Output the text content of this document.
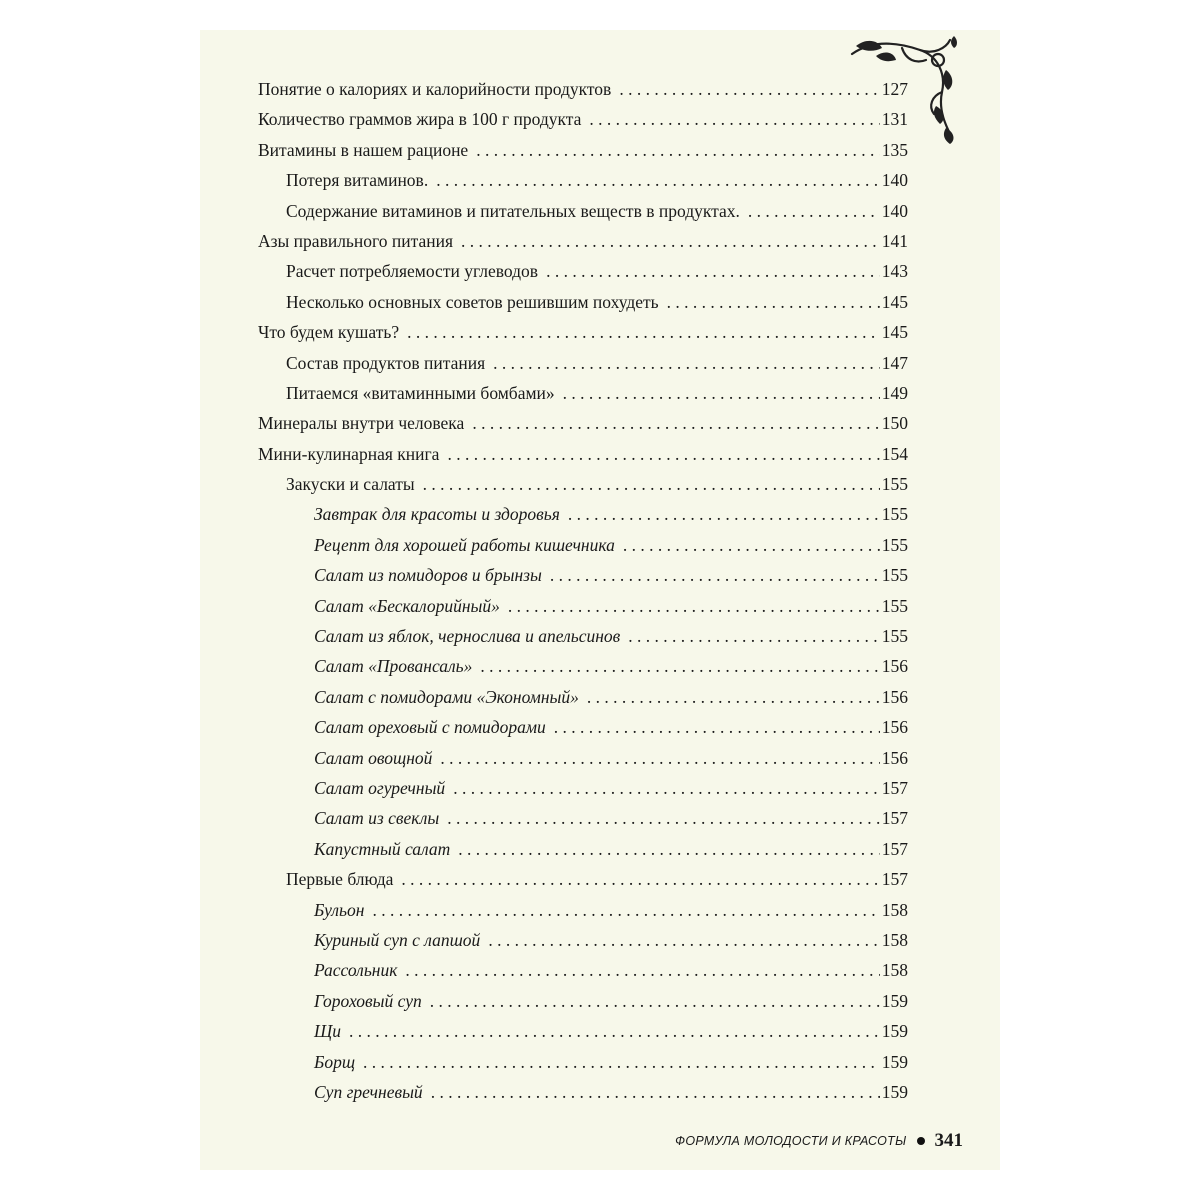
Понятие о калориях и калорийности продуктов . . .	127
Количество граммов жира в 100 г продукта . . .	131
Витамины в нашем рационе . . .	135
Потеря витаминов. . . .	140
Содержание витаминов и питательных веществ в продуктах. . . .	140
Азы правильного питания . . .	141
Расчет потребляемости углеводов . . .	143
Несколько основных советов решившим похудеть . . .	145
Что будем кушать? . . .	145
Состав продуктов питания . . .	147
Питаемся «витаминными бомбами» . . .	149
Минералы внутри человека . . .	150
Мини-кулинарная книга . . .	154
Закуски и салаты . . .	155
Завтрак для красоты и здоровья . . .	155
Рецепт для хорошей работы кишечника . . .	155
Салат из помидоров и брынзы . . .	155
Салат «Бескалорийный» . . .	155
Салат из яблок, чернослива и апельсинов . . .	155
Салат «Провансаль» . . .	156
Салат с помидорами «Экономный» . . .	156
Салат ореховый с помидорами . . .	156
Салат овощной . . .	156
Салат огуречный . . .	157
Салат из свеклы . . .	157
Капустный салат . . .	157
Первые блюда . . .	157
Бульон . . .	158
Куриный суп с лапшой . . .	158
Рассольник . . .	158
Гороховый суп . . .	159
Щи . . .	159
Борщ . . .	159
Суп гречневый . . .	159
ФОРМУЛА МОЛОДОСТИ И КРАСОТЫ 341
